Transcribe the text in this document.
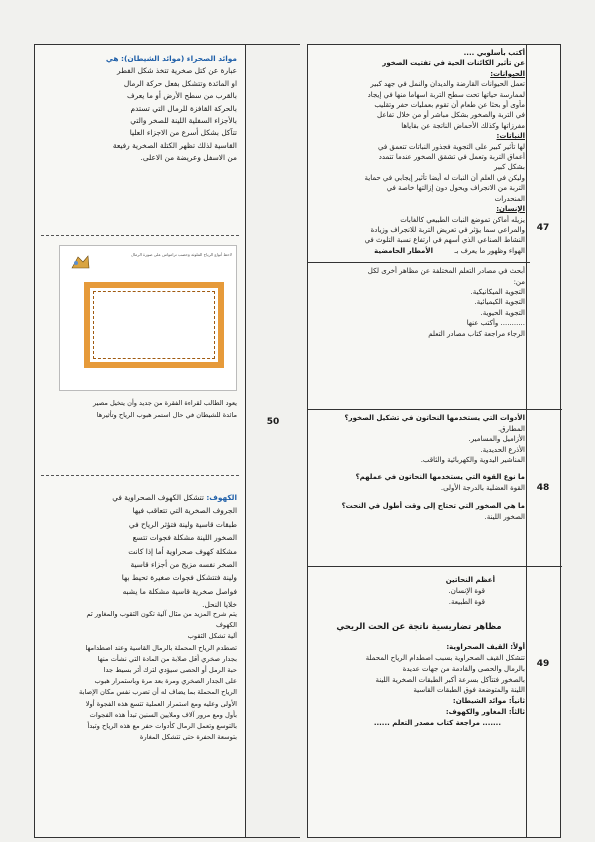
موائد الصحراء (موائد الشيطان): هي
عبارة عن كتل صخرية تتخذ شكل الفطر
او المائدة وتتشكل بفعل حركة الرمال
بالقرب من سطح الأرض أو ما يعرف
بالحركة القافزة للرمال التي تستدم
بالأجزاء السفلية اللينة للصخر والتي
تتآكل بشكل أسرع من الاجزاء العليا
القاسية لذلك تظهر الكتلة الصخرية رفيعة
من الاسفل وعريضة من الاعلى.
لاحظ أنواع الرياح الملوثة وحصب ترامواس على صورة الرمال
يعود الطالب لقراءة الفقرة من جديد وأن يتخيل مصير
مائدة للشيطان في حال استمر هبوب الرياح وتأثيرها
الكهوف: تتشكل الكهوف الصحراوية في
الجروف الصخرية التي تتعاقب فيها
طبقات قاسية ولينة فتؤثر الرياح في
الصخور اللينة مشكلة فجوات تتسع
مشكلة كهوف صحراوية أما إذا كانت
الصخر نفسه مزيج من أجزاء قاسية
ولينة فتتشكل فجوات صغيرة تحيط بها
فواصل صخرية قاسية مشكلة ما يشبه
خلايا النحل.
يتم شرح المزيد من مثال آلية تكون الثقوب والمغاور ثم
الكهوف
آلية تشكل الثقوب
تصطدم الرياح المحملة بالرمال القاسية وعند اصطدامها
بجدار صخري أقل صلابة من المادة التي نشأت منها
حبة الرمل أو الحصى سيؤدي لترك أثر بسيط جدا
على الجدار الصخري ومرة بعد مرة وباستمرار هبوب
الرياح المحملة بما يضاف له أن تضرب نفس مكان الإصابة
الأولى وعليه ومع استمرار العملية تتسع هذه الفجوة أولا
بأول ومع مرور آلاف وملايين السنين تبدأ هذه الفجوات
بالتوسع وتعمل الرمال كأدوات حفر مع هذه الرياح وتبدأ
بتوسعة الحفرة حتى تتشكل المغارة
50
47
48
49
أكتب بأسلوبي ....
عن تأثير الكائنات الحية في تفتيت الصخور
الحيوانات:
تعمل الحيوانات القارضة والديدان والنمل في جهد كبير
لممارسة حياتها تحت سطح التربة اسهاما منها في إيجاد
مأوى أو بحثا عن طعام أن تقوم بعمليات حفر وتقليب
في التربة والصخور بشكل مباشر أو من خلال تفاعل
مفرزاتها وكذلك الأحماض الناتجة عن بقاياها
النباتات:
لها تأثير كبير على التجوية فجذور النباتات تتعمق في
أعماق التربة وتعمل في تشقق الصخور عندما تتمدد
بشكل كبير
وليكن في العلم أن النبات له أيضا تأثير إيجابي في حماية
التربة من الانجراف ويحول دون إزالتها خاصة في
المنحدرات
الإنسان:
يزيله أماكن تموضع النبات الطبيعي كالغابات
والمراعي سما يؤثر في تعريض التربة للانجراف وزيادة
النشاط الصناعي الذي أسهم في ارتفاع نسبة التلوث في
الهواء وظهور ما يعرف بـ
الأمطار الحامضية
أبحث في مصادر التعلم المختلفة عن مظاهر أخرى لكل
من:
التجوية الميكانيكية.
التجوية الكيميائية.
التجوية الحيوية.
........... وأكتب عنها
الرجاء مراجعة كتاب مصادر التعلم
الأدوات التي يستخدمها النحاتون في تشكيل الصخور؟
المطارق.
الأزاميل والمسامير.
الأذرع الحديدية.
المناشير اليدوية والكهربائية والثاقب.
ما نوع القوة التي يستخدمها النحاتون في عملهم؟
القوة العضلية بالدرجة الأولى.
ما هي الصخور التي تحتاج إلى وقت أطول في النحت؟
الصخور اللينة.
أعظم النحاتين
قوة الإنسان.
قوة الطبيعة.
مظاهر تضاريسية ناتجة عن الحت الريحي
أولاً: القيف الصحراوية:
تتشكل القيف الصحراوية بسبب اصطدام الرياح المحملة
بالرمال والحصى والقادمة من جهات عديدة
بالصخور فتتآكل بسرعة أكبر الطبقات الصخرية اللينة
اللينة والمتوضعة فوق الطبقات القاسية
ثانياً: موائد الشيطان:
ثالثاً: المغاور والكهوف:
....... مراجعة كتاب مصدر التعلم ......
